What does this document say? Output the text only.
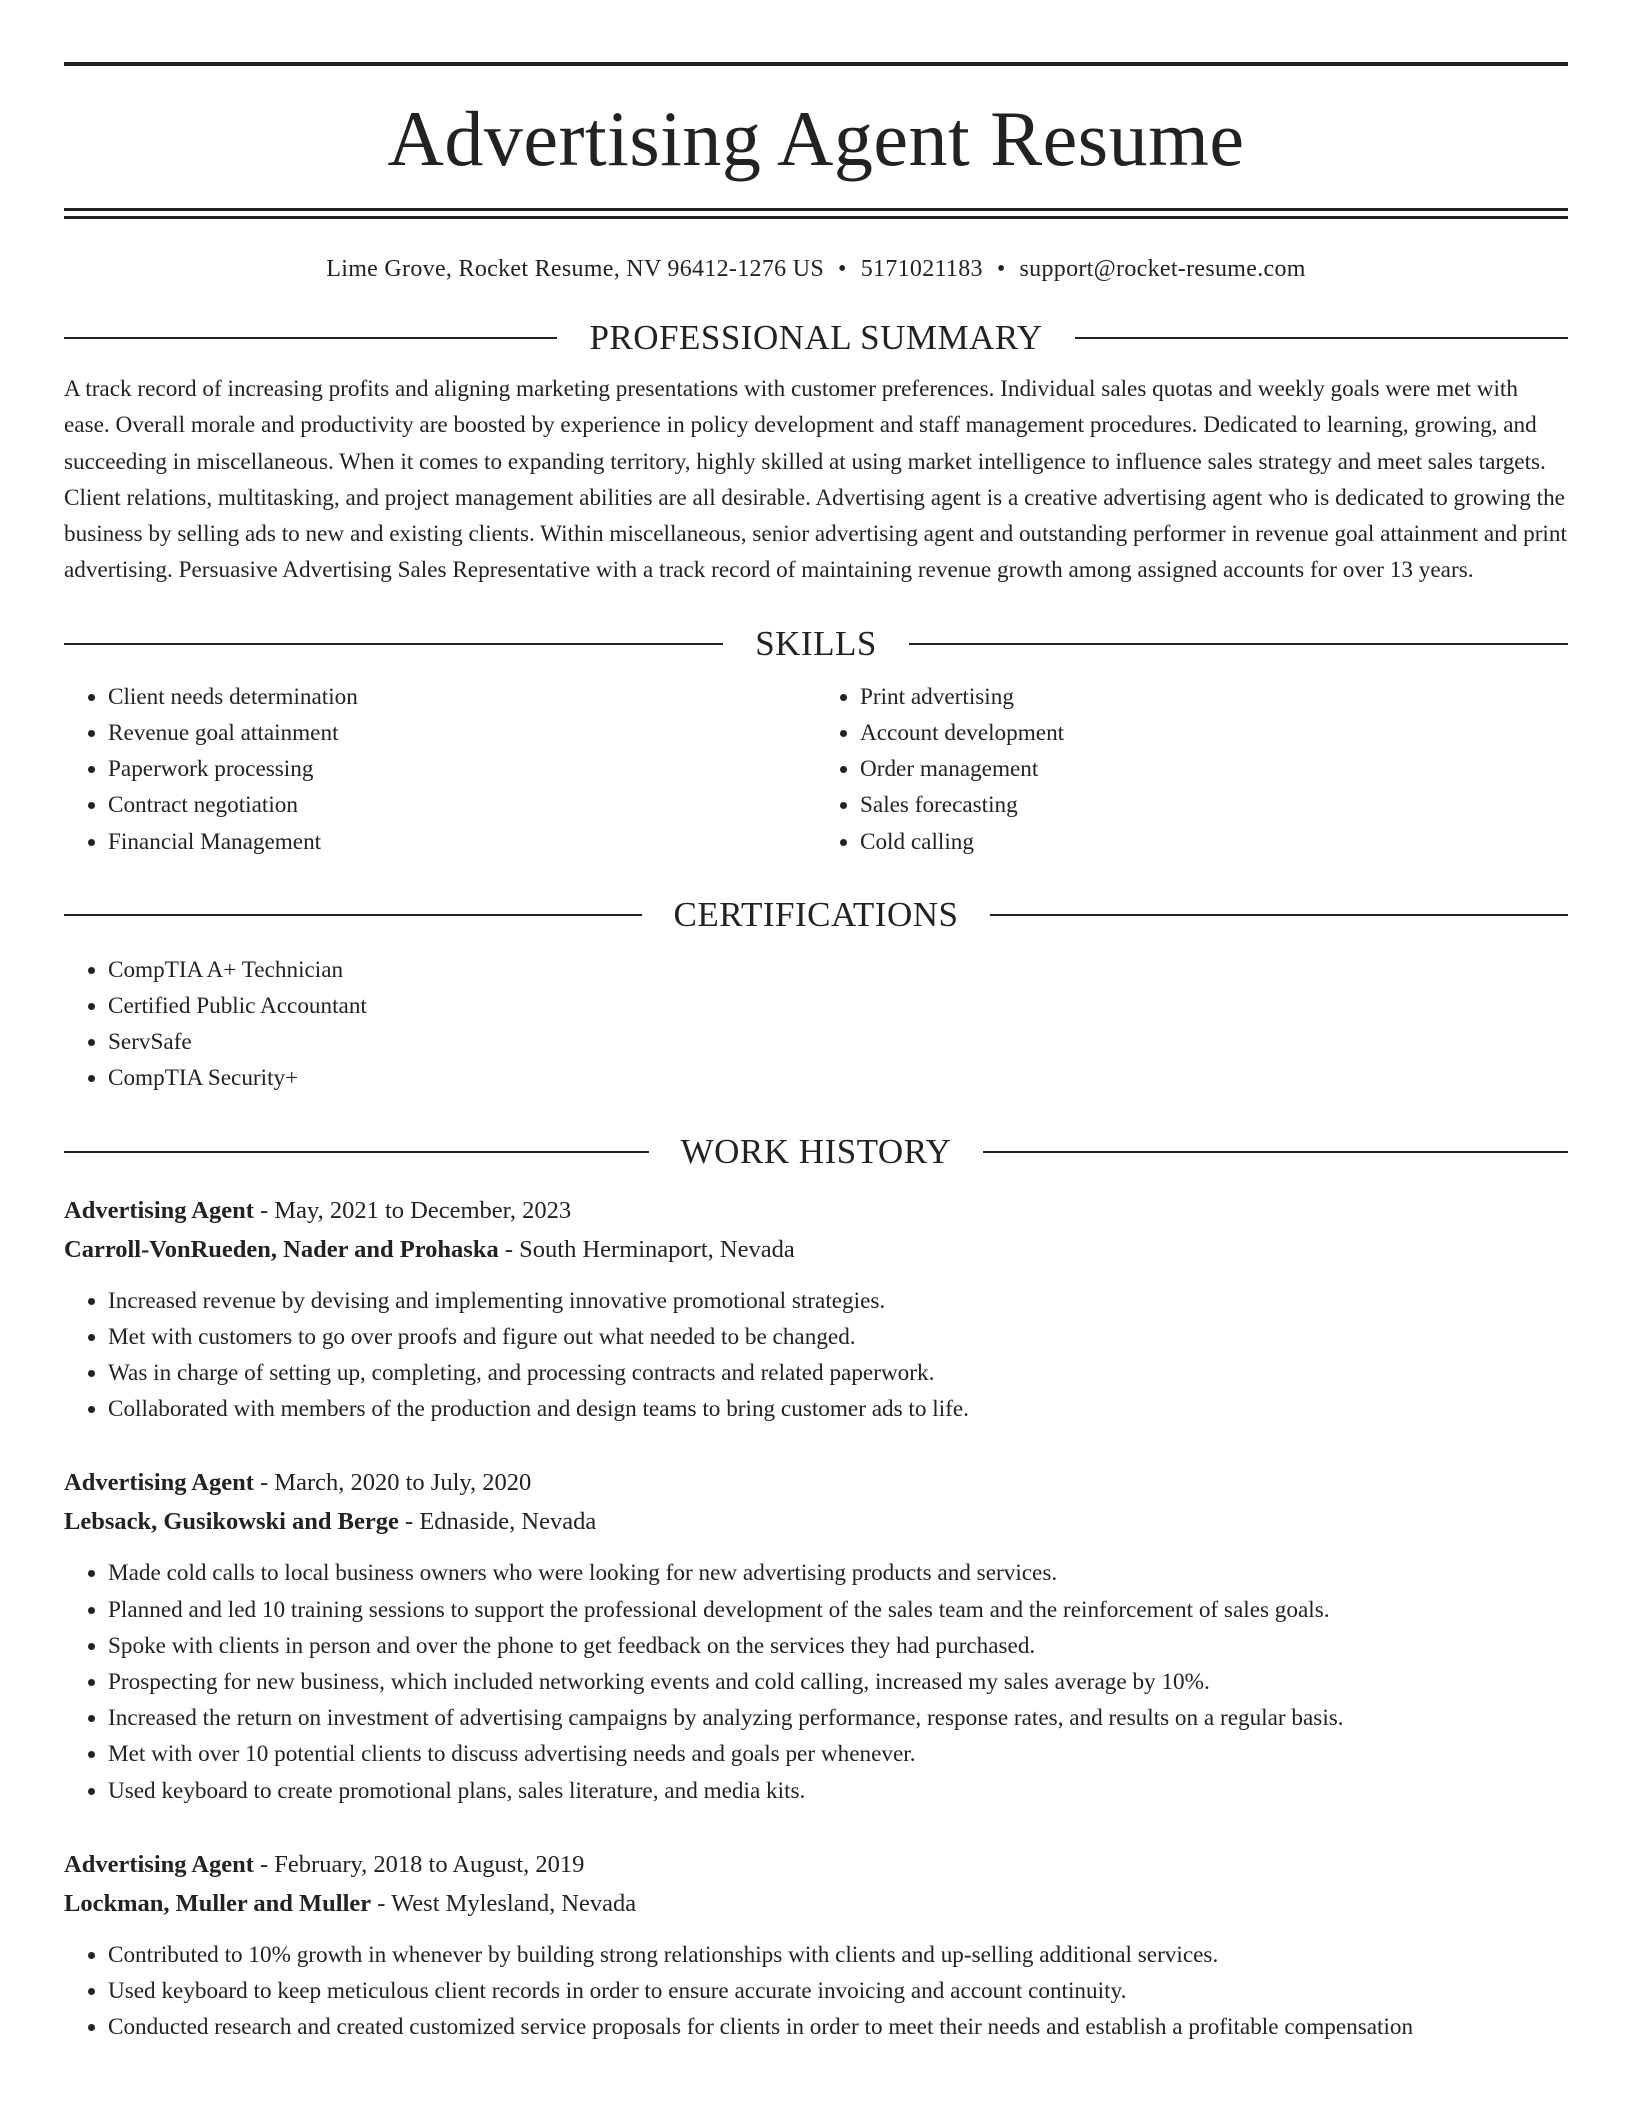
Advertising Agent Resume
Lime Grove, Rocket Resume, NV 96412-1276 US • 5171021183 • support@rocket-resume.com
PROFESSIONAL SUMMARY

A track record of increasing profits and aligning marketing presentations with customer preferences. Individual sales quotas and weekly goals were met with ease. Overall morale and productivity are boosted by experience in policy development and staff management procedures. Dedicated to learning, growing, and succeeding in miscellaneous. When it comes to expanding territory, highly skilled at using market intelligence to influence sales strategy and meet sales targets. Client relations, multitasking, and project management abilities are all desirable. Advertising agent is a creative advertising agent who is dedicated to growing the business by selling ads to new and existing clients. Within miscellaneous, senior advertising agent and outstanding performer in revenue goal attainment and print advertising. Persuasive Advertising Sales Representative with a track record of maintaining revenue growth among assigned accounts for over 13 years.

SKILLS
• Client needs determination
• Revenue goal attainment
• Paperwork processing
• Contract negotiation
• Financial Management
• Print advertising
• Account development
• Order management
• Sales forecasting
• Cold calling
CERTIFICATIONS
• CompTIA A+ Technician
• Certified Public Accountant
• ServSafe
• CompTIA Security+
WORK HISTORY
Advertising Agent - May, 2021 to December, 2023
Carroll-VonRueden, Nader and Prohaska - South Herminaport, Nevada
• Increased revenue by devising and implementing innovative promotional strategies.
• Met with customers to go over proofs and figure out what needed to be changed.
• Was in charge of setting up, completing, and processing contracts and related paperwork.
• Collaborated with members of the production and design teams to bring customer ads to life.
Advertising Agent - March, 2020 to July, 2020
Lebsack, Gusikowski and Berge - Ednaside, Nevada
• Made cold calls to local business owners who were looking for new advertising products and services.
• Planned and led 10 training sessions to support the professional development of the sales team and the reinforcement of sales goals.
• Spoke with clients in person and over the phone to get feedback on the services they had purchased.
• Prospecting for new business, which included networking events and cold calling, increased my sales average by 10%.
• Increased the return on investment of advertising campaigns by analyzing performance, response rates, and results on a regular basis.
• Met with over 10 potential clients to discuss advertising needs and goals per whenever.
• Used keyboard to create promotional plans, sales literature, and media kits.
Advertising Agent - February, 2018 to August, 2019
Lockman, Muller and Muller - West Mylesland, Nevada
• Contributed to 10% growth in whenever by building strong relationships with clients and up-selling additional services.
• Used keyboard to keep meticulous client records in order to ensure accurate invoicing and account continuity.
• Conducted research and created customized service proposals for clients in order to meet their needs and establish a profitable compensation
